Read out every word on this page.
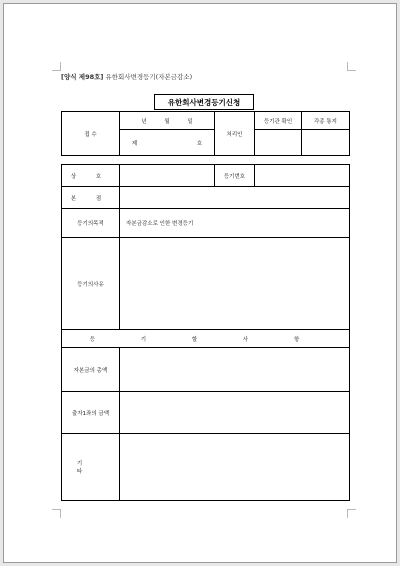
[양식 제98호] 유한회사변경등기(자본금감소)
유한회사변경등기신청
접 수	년 월 일	처리인	등기관 확인	각종 통지
	제 호			
상 호		등기번호	
본 점			
등기의목적	자본금감소로 인한 변경등기		
등기의사유			
등 기 할 사 항			
자본금의 총액			
출자1좌의 금액			
기 타			
